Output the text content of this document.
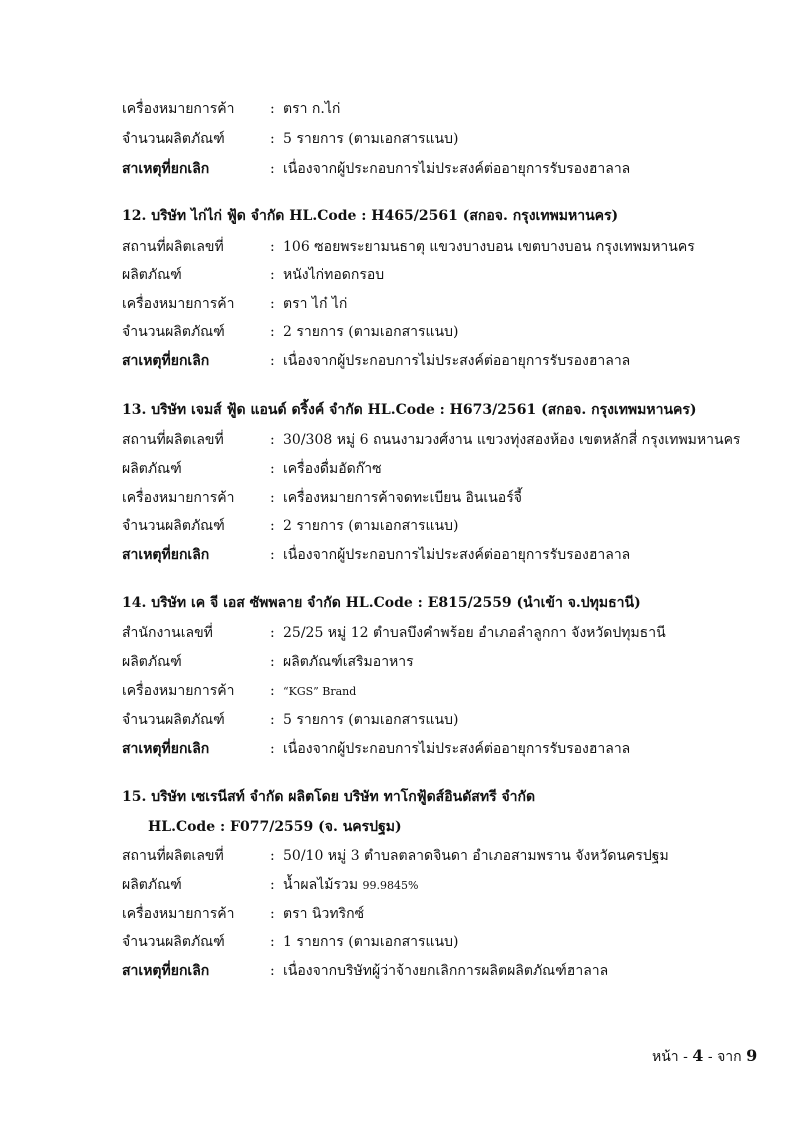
เครื่องหมายการค้า	: ตรา ก.ไก่
จำนวนผลิตภัณฑ์	: 5 รายการ (ตามเอกสารแนบ)
สาเหตุที่ยกเลิก	: เนื่องจากผู้ประกอบการไม่ประสงค์ต่ออายุการรับรองฮาลาล
12. บริษัท ไก่ไก่ ฟู้ด จำกัด HL.Code : H465/2561 (สกอจ. กรุงเทพมหานคร)
สถานที่ผลิตเลขที่	: 106 ซอยพระยามนธาตุ แขวงบางบอน เขตบางบอน กรุงเทพมหานคร
ผลิตภัณฑ์	: หนังไก่ทอดกรอบ
เครื่องหมายการค้า	: ตรา ไก๋ ไก่
จำนวนผลิตภัณฑ์	: 2 รายการ (ตามเอกสารแนบ)
สาเหตุที่ยกเลิก	: เนื่องจากผู้ประกอบการไม่ประสงค์ต่ออายุการรับรองฮาลาล
13. บริษัท เจมส์ ฟู้ด แอนด์ ดริ้งค์ จำกัด HL.Code : H673/2561 (สกอจ. กรุงเทพมหานคร)
สถานที่ผลิตเลขที่	: 30/308 หมู่ 6 ถนนงามวงศ์งาน แขวงทุ่งสองห้อง เขตหลักสี่ กรุงเทพมหานคร
ผลิตภัณฑ์	: เครื่องดื่มอัดก๊าซ
เครื่องหมายการค้า	: เครื่องหมายการค้าจดทะเบียน อินเนอร์จี้
จำนวนผลิตภัณฑ์	: 2 รายการ (ตามเอกสารแนบ)
สาเหตุที่ยกเลิก	: เนื่องจากผู้ประกอบการไม่ประสงค์ต่ออายุการรับรองฮาลาล
14. บริษัท เค จี เอส ซัพพลาย จำกัด HL.Code : E815/2559 (นำเข้า จ.ปทุมธานี)
สำนักงานเลขที่	: 25/25 หมู่ 12 ตำบลบึงคำพร้อย อำเภอลำลูกกา จังหวัดปทุมธานี
ผลิตภัณฑ์	: ผลิตภัณฑ์เสริมอาหาร
เครื่องหมายการค้า	: “KGS” Brand
จำนวนผลิตภัณฑ์	: 5 รายการ (ตามเอกสารแนบ)
สาเหตุที่ยกเลิก	: เนื่องจากผู้ประกอบการไม่ประสงค์ต่ออายุการรับรองฮาลาล
15. บริษัท เซเรนีสท์ จำกัด ผลิตโดย บริษัท ทาโกฟู้ดส์อินดัสทรี จำกัด
HL.Code : F077/2559 (จ. นครปฐม)
สถานที่ผลิตเลขที่	: 50/10 หมู่ 3 ตำบลตลาดจินดา อำเภอสามพราน จังหวัดนครปฐม
ผลิตภัณฑ์	: น้ำผลไม้รวม 99.9845%
เครื่องหมายการค้า	: ตรา นิวทริกซ์
จำนวนผลิตภัณฑ์	: 1 รายการ (ตามเอกสารแนบ)
สาเหตุที่ยกเลิก	: เนื่องจากบริษัทผู้ว่าจ้างยกเลิกการผลิตผลิตภัณฑ์ฮาลาล
หน้า - 4 - จาก 9
